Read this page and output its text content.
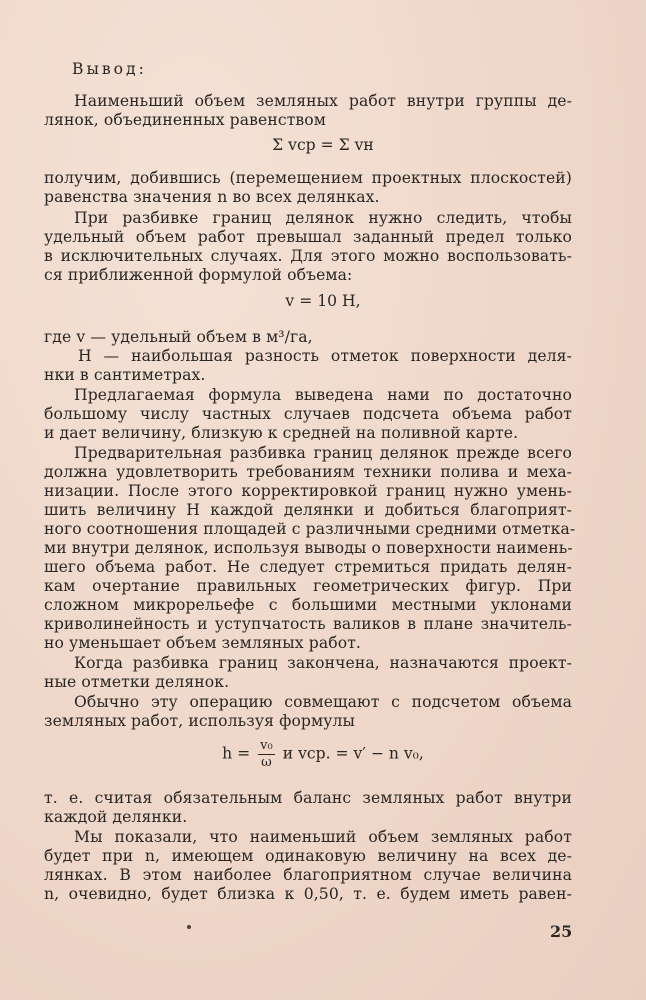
Вывод:

Наименьший объем земляных работ внутри группы де-

лянок, объединенных равенством

Σ vср = Σ vн

получим, добившись (перемещением проектных плоскостей)

равенства значения n во всех делянках.

При разбивке границ делянок нужно следить, чтобы

удельный объем работ превышал заданный предел только

в исключительных случаях. Для этого можно воспользовать-

ся приближенной формулой объема:

v = 10 H,

где v — удельный объем в м³/га,

H — наибольшая разность отметок поверхности деля-

нки в сантиметрах.

Предлагаемая формула выведена нами по достаточно

большому числу частных случаев подсчета объема работ

и дает величину, близкую к средней на поливной карте.

Предварительная разбивка границ делянок прежде всего

должна удовлетворить требованиям техники полива и меха-

низации. После этого корректировкой границ нужно умень-

шить величину H каждой делянки и добиться благоприят-

ного соотношения площадей с различными средними отметка-

ми внутри делянок, используя выводы о поверхности наимень-

шего объема работ. Не следует стремиться придать делян-

кам очертание правильных геометрических фигур. При

сложном микрорельефе с большими местными уклонами

криволинейность и уступчатость валиков в плане значитель-

но уменьшает объем земляных работ.

Когда разбивка границ закончена, назначаются проект-

ные отметки делянок.

Обычно эту операцию совмещают с подсчетом объема

земляных работ, используя формулы

$h = \frac{\text{v₀}}{\omega}$ и vср. = v′ − n v₀,

т. е. считая обязательным баланс земляных работ внутри

каждой делянки.

Мы показали, что наименьший объем земляных работ

будет при n, имеющем одинаковую величину на всех де-

лянках. В этом наиболее благоприятном случае величина

n, очевидно, будет близка к 0,50, т. е. будем иметь равен-

25
